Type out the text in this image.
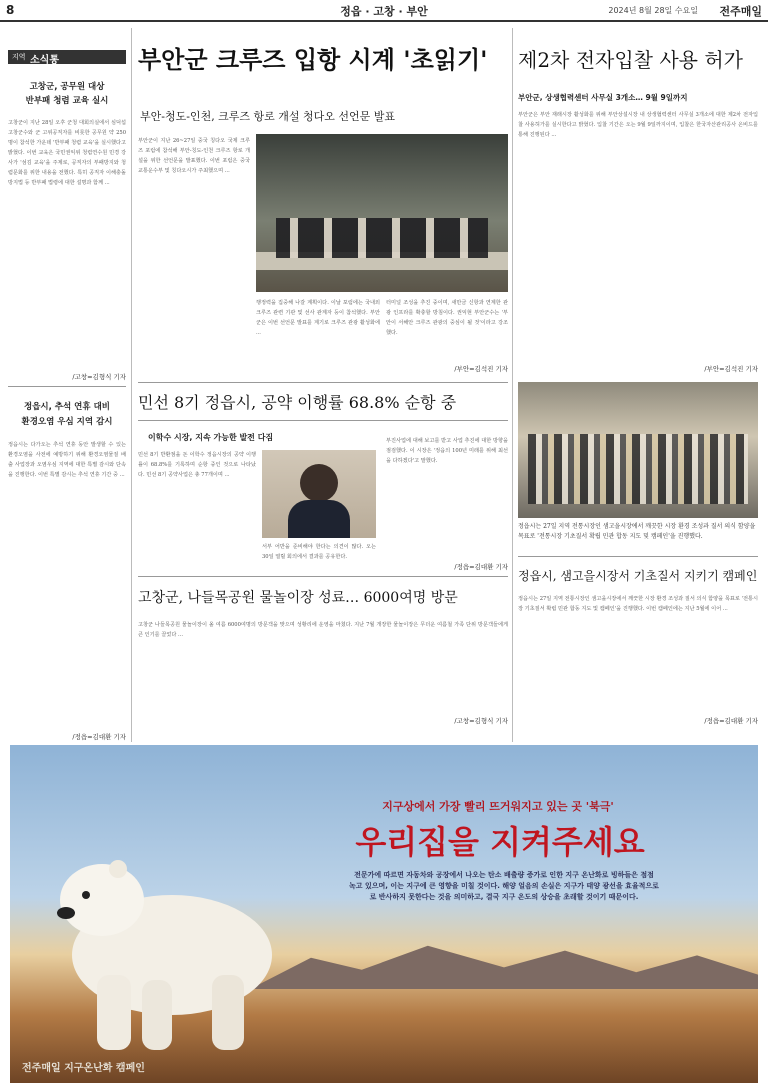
8	정읍 · 고창 · 부안	2024년 8월 28일 수요일 전주매일
지역 소식통
고창군, 공무원 대상
반부패 청렴 교육 실시
고창군이 지난 28일 오후 군청 대회의실에서 심덕섭 고창군수와 군 고위공직자를 비롯한 공무원 약 250명이 참석한 가운데 '반부패 청렴 교육'을 실시했다고 밝혔다. 이번 교육은 국민권익위 청렴연수원 민경 강사가 '섬김 교육'을 주제로, 공직자의 부패방지와 청렴문화를 위한 내용을 전했다. 특히 공직자 이해충돌 방지법 등 반부패 법령에 대한 설명과 함께 ...
/고창=김형식 기자
정읍시, 추석 연휴 대비
환경오염 우심 지역 감시
정읍시는 다가오는 추석 연휴 동안 발생할 수 있는 환경오염을 사전에 예방하기 위해 환경오염물질 배출 사업장과 오염우심 지역에 대한 특별 감시와 단속을 진행한다. 이번 특별 감시는 추석 연휴 기간 중 ...
/정읍=김대환 기자
부안군 크루즈 입항 시계 '초읽기'
부안-청도-인천, 크루즈 항로 개설 청다오 선언문 발표
부안군이 지난 26~27일 중국 칭다오 국제 크루즈 포럼에 참석해 부안-칭도-인천 크루즈 항로 개설을 위한 선언문을 발표했다. 이번 포럼은 중국 교통운수부 및 칭다오시가 주최했으며 ...
행정력을 집중해 나갈 계획이다. 이날 포럼에는 국내외 크루즈 관련 기관 및 선사 관계자 등이 참석했다. 부안군은 이번 선언문 발표를 계기로 크루즈 관광 활성화에 ...
터미널 조성을 추진 중이며, 새만금 신항과 연계한 관광 인프라를 확충할 방침이다. 권익현 부안군수는 '부안이 서해안 크루즈 관광의 중심이 될 것'이라고 강조했다.
/부안=김석진 기자
제2차 전자입찰 사용 허가
부안군, 상생협력센터 사무실 3개소… 9월 9일까지
부안군은 부안 재래시장 활성화를 위해 부안상설시장 내 상생협력센터 사무실 3개소에 대한 제2차 전자입찰 사용허가를 실시한다고 밝혔다. 입찰 기간은 오는 9월 9일까지이며, 입찰은 한국자산관리공사 온비드를 통해 진행된다 ...
/부안=김석진 기자
정읍시는 27일 지역 전통시장인 샘고을시장에서 깨끗한 시장 환경 조성과 질서 의식 함양을 목표로 '전통시장 기초질서 확립 민관 합동 지도 및 캠페인'을 진행했다.
민선 8기 정읍시, 공약 이행률 68.8% 순항 중
이학수 시장, 지속 가능한 발전 다짐
민선 8기 반환점을 돈 이학수 정읍시장의 공약 이행률이 68.8%를 기록하며 순항 중인 것으로 나타났다. 민선 8기 공약사업은 총 77개이며 ...
서부 어반을 준비해야 한다는 의견이 많다. 오는 30일 열릴 회의에서 결과를 공유한다.
부진사업에 대해 보고를 받고 사업 추진에 대한 방향을 점검했다. 이 시장은 '정읍의 100년 미래를 위해 최선을 다하겠다'고 말했다.
/정읍=김대환 기자
고창군, 나들목공원 물놀이장 성료… 6000여명 방문
고창군 나들목공원 물놀이장이 올 여름 6000여명의 방문객을 맞으며 성황리에 운영을 마쳤다. 지난 7월 개장한 물놀이장은 무더운 여름철 가족 단위 방문객들에게 큰 인기를 끌었다 ...
/고창=김형식 기자
정읍시, 샘고을시장서 기초질서 지키기 캠페인
정읍시는 27일 지역 전통시장인 샘고을시장에서 깨끗한 시장 환경 조성과 질서 의식 함양을 목표로 '전통시장 기초질서 확립 민관 합동 지도 및 캠페인'을 진행했다. 이번 캠페인에는 지난 5월에 이어 ...
/정읍=김대환 기자
지구상에서 가장 빨리 뜨거워지고 있는 곳 '북극'
우리집을 지켜주세요
전문가에 따르면 자동차와 공장에서 나오는 탄소 배출량 증가로 인한 지구 온난화로 빙하들은 점점
녹고 있으며, 이는 지구에 큰 영향을 미칠 것이다. 해양 얼음의 손실은 지구가 태양 광선을 효율적으로
로 반사하지 못한다는 것을 의미하고, 결국 지구 온도의 상승을 초래할 것이기 때문이다.
전주매일 지구온난화 캠페인
